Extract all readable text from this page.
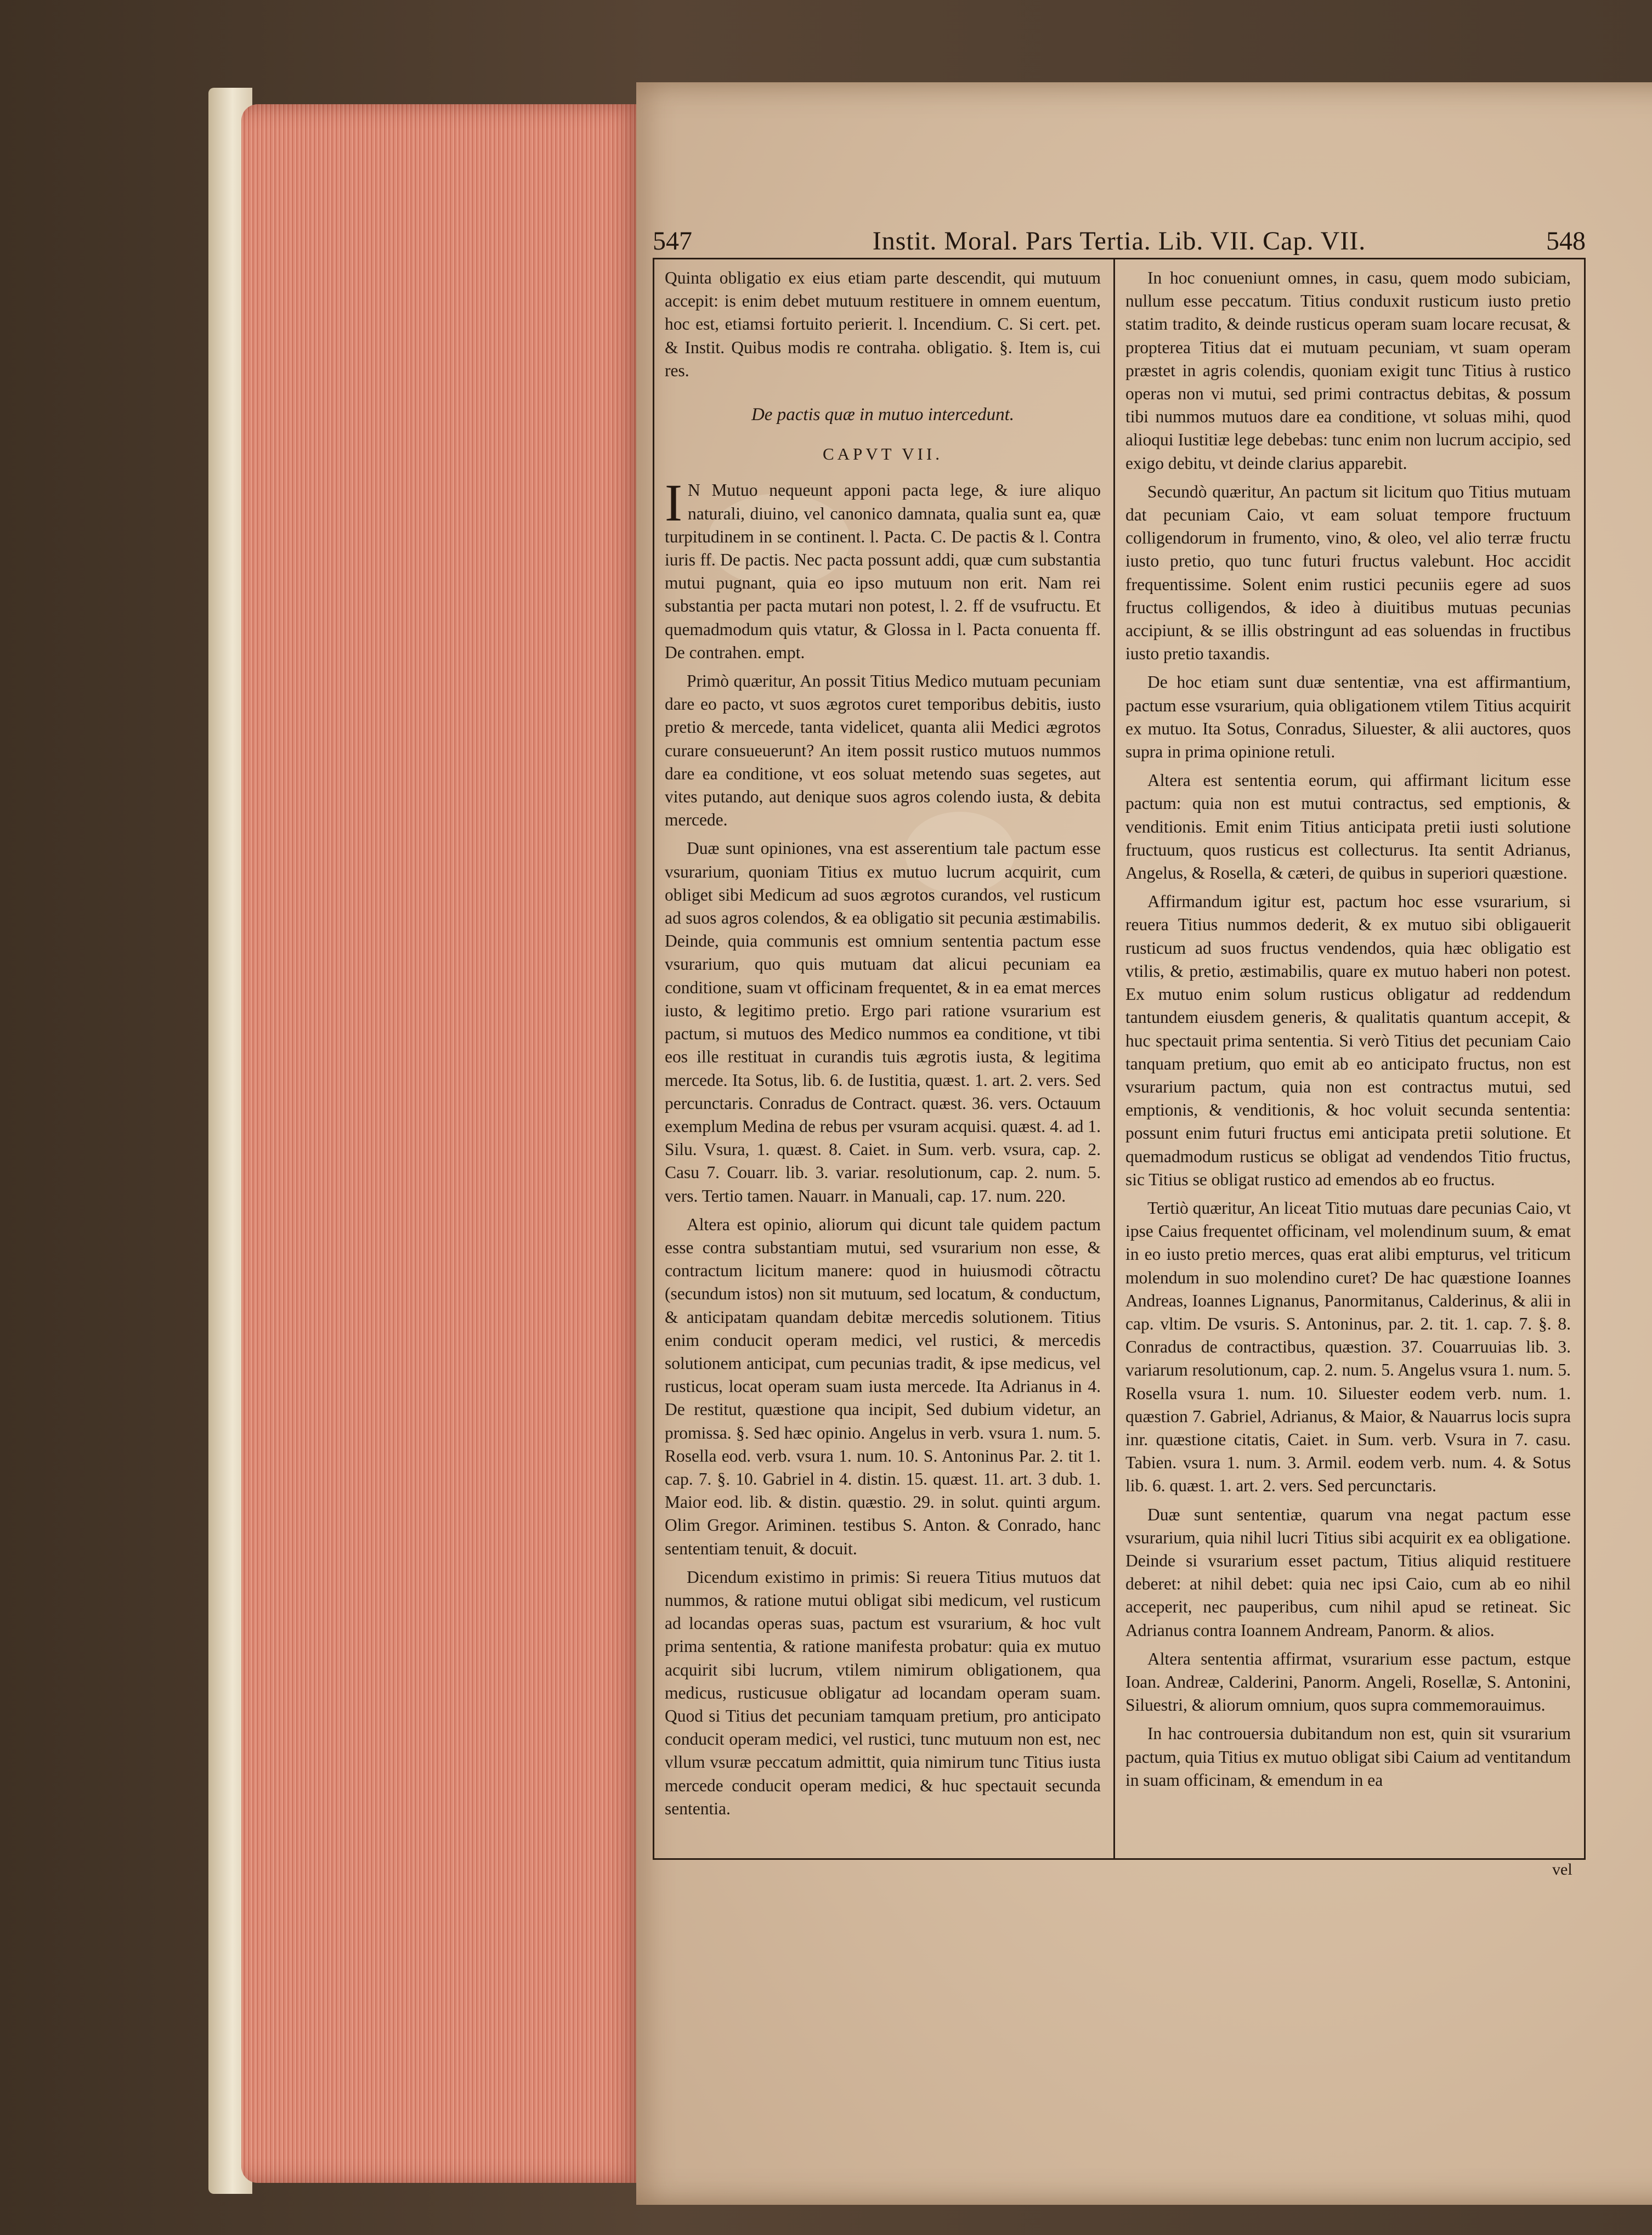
547	Instit. Moral. Pars Tertia. Lib. VII. Cap. VII.	548

Quinta obligatio ex eius etiam parte descendit, qui mutuum accepit: is enim debet mutuum restituere in omnem euentum, hoc est, etiamsi fortuito perierit. l. Incendium. C. Si cert. pet. & Instit. Quibus modis re contraha. obligatio. §. Item is, cui res.

De pactis quæ in mutuo intercedunt.

CAPVT VII.

I N Mutuo nequeunt apponi pacta lege, & iure aliquo naturali, diuino, vel canonico damnata, qualia sunt ea, quæ turpitudinem in se continent. l. Pacta. C. De pactis & l. Contra iuris ff. De pactis. Nec pacta possunt addi, quæ cum substantia mutui pugnant, quia eo ipso mutuum non erit. Nam rei substantia per pacta mutari non potest, l. 2. ff de vsufructu. Et quemadmodum quis vtatur, & Glossa in l. Pacta conuenta ff. De contrahen. empt.

Primò quæritur, An possit Titius Medico mutuam pecuniam dare eo pacto, vt suos ægrotos curet temporibus debitis, iusto pretio & mercede, tanta videlicet, quanta alii Medici ægrotos curare consueuerunt? An item possit rustico mutuos nummos dare ea conditione, vt eos soluat metendo suas segetes, aut vites putando, aut denique suos agros colendo iusta, & debita mercede.

Duæ sunt opiniones, vna est asserentium tale pactum esse vsurarium, quoniam Titius ex mutuo lucrum acquirit, cum obliget sibi Medicum ad suos ægrotos curandos, vel rusticum ad suos agros colendos, & ea obligatio sit pecunia æstimabilis. Deinde, quia communis est omnium sententia pactum esse vsurarium, quo quis mutuam dat alicui pecuniam ea conditione, suam vt officinam frequentet, & in ea emat merces iusto, & legitimo pretio. Ergo pari ratione vsurarium est pactum, si mutuos des Medico nummos ea conditione, vt tibi eos ille restituat in curandis tuis ægrotis iusta, & legitima mercede. Ita Sotus, lib. 6. de Iustitia, quæst. 1. art. 2. vers. Sed percunctaris. Conradus de Contract. quæst. 36. vers. Octauum exemplum Medina de rebus per vsuram acquisi. quæst. 4. ad 1. Silu. Vsura, 1. quæst. 8. Caiet. in Sum. verb. vsura, cap. 2. Casu 7. Couarr. lib. 3. variar. resolutionum, cap. 2. num. 5. vers. Tertio tamen. Nauarr. in Manuali, cap. 17. num. 220.

Altera est opinio, aliorum qui dicunt tale quidem pactum esse contra substantiam mutui, sed vsurarium non esse, & contractum licitum manere: quod in huiusmodi cõtractu (secundum istos) non sit mutuum, sed locatum, & conductum, & anticipatam quandam debitæ mercedis solutionem. Titius enim conducit operam medici, vel rustici, & mercedis solutionem anticipat, cum pecunias tradit, & ipse medicus, vel rusticus, locat operam suam iusta mercede. Ita Adrianus in 4. De restitut, quæstione qua incipit, Sed dubium videtur, an promissa. §. Sed hæc opinio. Angelus in verb. vsura 1. num. 5. Rosella eod. verb. vsura 1. num. 10. S. Antoninus Par. 2. tit 1. cap. 7. §. 10. Gabriel in 4. distin. 15. quæst. 11. art. 3 dub. 1. Maior eod. lib. & distin. quæstio. 29. in solut. quinti argum. Olim Gregor. Ariminen. testibus S. Anton. & Conrado, hanc sententiam tenuit, & docuit.

Dicendum existimo in primis: Si reuera Titius mutuos dat nummos, & ratione mutui obligat sibi medicum, vel rusticum ad locandas operas suas, pactum est vsurarium, & hoc vult prima sententia, & ratione manifesta probatur: quia ex mutuo acquirit sibi lucrum, vtilem nimirum obligationem, qua medicus, rusticusue obligatur ad locandam operam suam. Quod si Titius det pecuniam tamquam pretium, pro anticipato conducit operam medici, vel rustici, tunc mutuum non est, nec vllum vsuræ peccatum admittit, quia nimirum tunc Titius iusta mercede conducit operam medici, & huc spectauit secunda sententia.

In hoc conueniunt omnes, in casu, quem modo subiciam, nullum esse peccatum. Titius conduxit rusticum iusto pretio statim tradito, & deinde rusticus operam suam locare recusat, & propterea Titius dat ei mutuam pecuniam, vt suam operam præstet in agris colendis, quoniam exigit tunc Titius à rustico operas non vi mutui, sed primi contractus debitas, & possum tibi nummos mutuos dare ea conditione, vt soluas mihi, quod alioqui Iustitiæ lege debebas: tunc enim non lucrum accipio, sed exigo debitu, vt deinde clarius apparebit.

Secundò quæritur, An pactum sit licitum quo Titius mutuam dat pecuniam Caio, vt eam soluat tempore fructuum colligendorum in frumento, vino, & oleo, vel alio terræ fructu iusto pretio, quo tunc futuri fructus valebunt. Hoc accidit frequentissime. Solent enim rustici pecuniis egere ad suos fructus colligendos, & ideo à diuitibus mutuas pecunias accipiunt, & se illis obstringunt ad eas soluendas in fructibus iusto pretio taxandis.

De hoc etiam sunt duæ sententiæ, vna est affirmantium, pactum esse vsurarium, quia obligationem vtilem Titius acquirit ex mutuo. Ita Sotus, Conradus, Siluester, & alii auctores, quos supra in prima opinione retuli.

Altera est sententia eorum, qui affirmant licitum esse pactum: quia non est mutui contractus, sed emptionis, & venditionis. Emit enim Titius anticipata pretii iusti solutione fructuum, quos rusticus est collecturus. Ita sentit Adrianus, Angelus, & Rosella, & cæteri, de quibus in superiori quæstione.

Affirmandum igitur est, pactum hoc esse vsurarium, si reuera Titius nummos dederit, & ex mutuo sibi obligauerit rusticum ad suos fructus vendendos, quia hæc obligatio est vtilis, & pretio, æstimabilis, quare ex mutuo haberi non potest. Ex mutuo enim solum rusticus obligatur ad reddendum tantundem eiusdem generis, & qualitatis quantum accepit, & huc spectauit prima sententia. Si verò Titius det pecuniam Caio tanquam pretium, quo emit ab eo anticipato fructus, non est vsurarium pactum, quia non est contractus mutui, sed emptionis, & venditionis, & hoc voluit secunda sententia: possunt enim futuri fructus emi anticipata pretii solutione. Et quemadmodum rusticus se obligat ad vendendos Titio fructus, sic Titius se obligat rustico ad emendos ab eo fructus.

Tertiò quæritur, An liceat Titio mutuas dare pecunias Caio, vt ipse Caius frequentet officinam, vel molendinum suum, & emat in eo iusto pretio merces, quas erat alibi empturus, vel triticum molendum in suo molendino curet? De hac quæstione Ioannes Andreas, Ioannes Lignanus, Panormitanus, Calderinus, & alii in cap. vltim. De vsuris. S. Antoninus, par. 2. tit. 1. cap. 7. §. 8. Conradus de contractibus, quæstion. 37. Couarruuias lib. 3. variarum resolutionum, cap. 2. num. 5. Angelus vsura 1. num. 5. Rosella vsura 1. num. 10. Siluester eodem verb. num. 1. quæstion 7. Gabriel, Adrianus, & Maior, & Nauarrus locis supra inr. quæstione citatis, Caiet. in Sum. verb. Vsura in 7. casu. Tabien. vsura 1. num. 3. Armil. eodem verb. num. 4. & Sotus lib. 6. quæst. 1. art. 2. vers. Sed percunctaris.

Duæ sunt sententiæ, quarum vna negat pactum esse vsurarium, quia nihil lucri Titius sibi acquirit ex ea obligatione. Deinde si vsurarium esset pactum, Titius aliquid restituere deberet: at nihil debet: quia nec ipsi Caio, cum ab eo nihil acceperit, nec pauperibus, cum nihil apud se retineat. Sic Adrianus contra Ioannem Andream, Panorm. & alios.

Altera sententia affirmat, vsurarium esse pactum, estque Ioan. Andreæ, Calderini, Panorm. Angeli, Rosellæ, S. Antonini, Siluestri, & aliorum omnium, quos supra commemorauimus.

In hac controuersia dubitandum non est, quin sit vsurarium pactum, quia Titius ex mutuo obligat sibi Caium ad ventitandum in suam officinam, & emendum in ea

vel
